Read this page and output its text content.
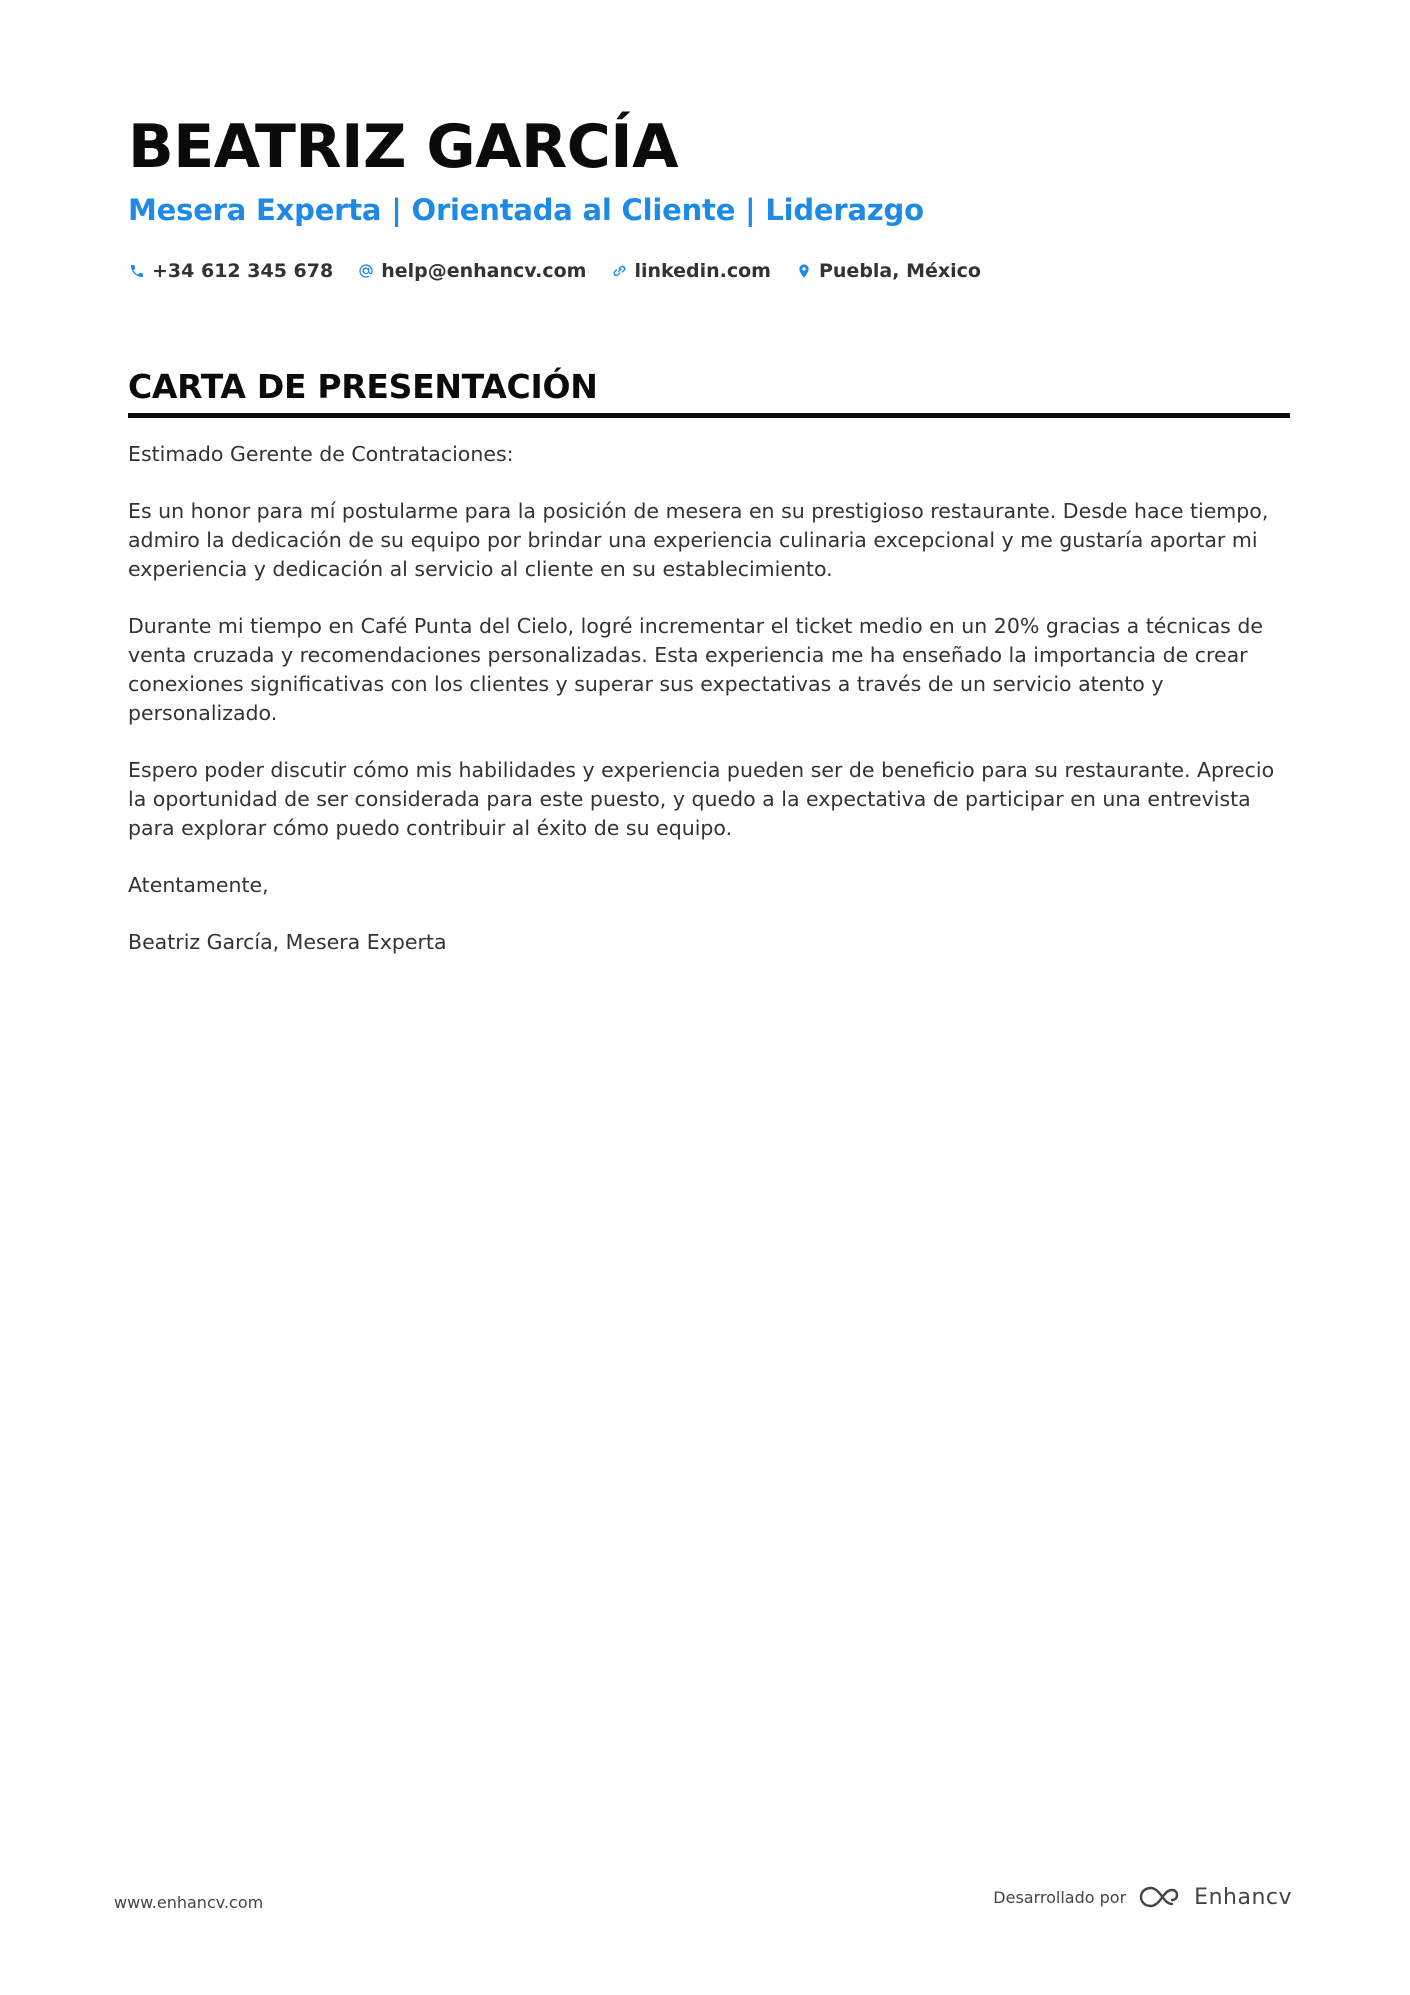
BEATRIZ GARCÍA
Mesera Experta | Orientada al Cliente | Liderazgo
+34 612 345 678	help@enhancv.com	linkedin.com	Puebla, México
CARTA DE PRESENTACIÓN

Estimado Gerente de Contrataciones:

Es un honor para mí postularme para la posición de mesera en su prestigioso restaurante. Desde hace tiempo, admiro la dedicación de su equipo por brindar una experiencia culinaria excepcional y me gustaría aportar mi experiencia y dedicación al servicio al cliente en su establecimiento.

Durante mi tiempo en Café Punta del Cielo, logré incrementar el ticket medio en un 20% gracias a técnicas de venta cruzada y recomendaciones personalizadas. Esta experiencia me ha enseñado la importancia de crear conexiones significativas con los clientes y superar sus expectativas a través de un servicio atento y personalizado.

Espero poder discutir cómo mis habilidades y experiencia pueden ser de beneficio para su restaurante. Aprecio la oportunidad de ser considerada para este puesto, y quedo a la expectativa de participar en una entrevista para explorar cómo puedo contribuir al éxito de su equipo.

Atentamente,

Beatriz García, Mesera Experta

www.enhancv.com	Desarrollado por	Enhancv
